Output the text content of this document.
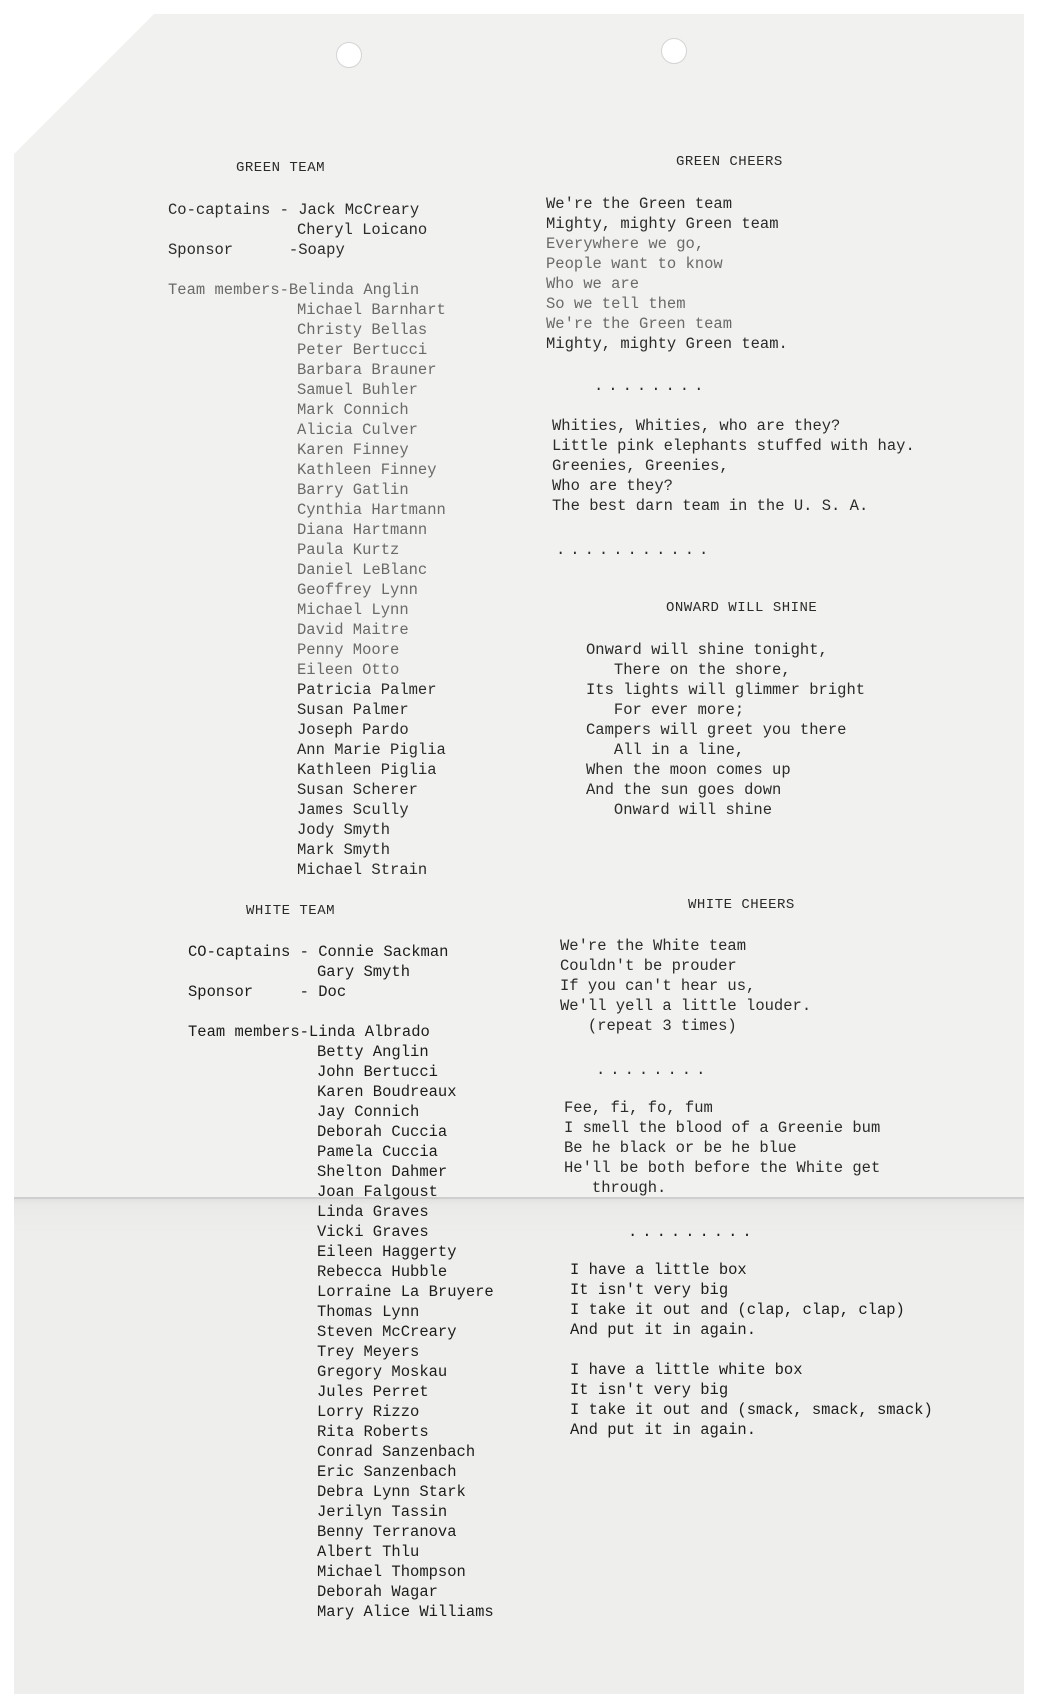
GREEN TEAM
Co-captains - Jack McCreary
Cheryl Loicano
Sponsor      -Soapy
Team members-Belinda Anglin
Michael Barnhart
Christy Bellas
Peter Bertucci
Barbara Brauner
Samuel Buhler
Mark Connich
Alicia Culver
Karen Finney
Kathleen Finney
Barry Gatlin
Cynthia Hartmann
Diana Hartmann
Paula Kurtz
Daniel LeBlanc
Geoffrey Lynn
Michael Lynn
David Maitre
Penny Moore
Eileen Otto
Patricia Palmer
Susan Palmer
Joseph Pardo
Ann Marie Piglia
Kathleen Piglia
Susan Scherer
James Scully
Jody Smyth
Mark Smyth
Michael Strain
WHITE TEAM
CO-captains - Connie Sackman
Gary Smyth
Sponsor     - Doc
Team members-Linda Albrado
Betty Anglin
John Bertucci
Karen Boudreaux
Jay Connich
Deborah Cuccia
Pamela Cuccia
Shelton Dahmer
Joan Falgoust
Linda Graves
Vicki Graves
Eileen Haggerty
Rebecca Hubble
Lorraine La Bruyere
Thomas Lynn
Steven McCreary
Trey Meyers
Gregory Moskau
Jules Perret
Lorry Rizzo
Rita Roberts
Conrad Sanzenbach
Eric Sanzenbach
Debra Lynn Stark
Jerilyn Tassin
Benny Terranova
Albert Thlu
Michael Thompson
Deborah Wagar
Mary Alice Williams
GREEN CHEERS
We're the Green team
Mighty, mighty Green team
Everywhere we go,
People want to know
Who we are
So we tell them
We're the Green team
Mighty, mighty Green team.
........
Whities, Whities, who are they?
Little pink elephants stuffed with hay.
Greenies, Greenies,
Who are they?
The best darn team in the U. S. A.
...........
ONWARD WILL SHINE
Onward will shine tonight,
There on the shore,
Its lights will glimmer bright
For ever more;
Campers will greet you there
All in a line,
When the moon comes up
And the sun goes down
Onward will shine
WHITE CHEERS
We're the White team
Couldn't be prouder
If you can't hear us,
We'll yell a little louder.
(repeat 3 times)
........
Fee, fi, fo, fum
I smell the blood of a Greenie bum
Be he black or be he blue
He'll be both before the White get
through.
.........
I have a little box
It isn't very big
I take it out and (clap, clap, clap)
And put it in again.
I have a little white box
It isn't very big
I take it out and (smack, smack, smack)
And put it in again.
